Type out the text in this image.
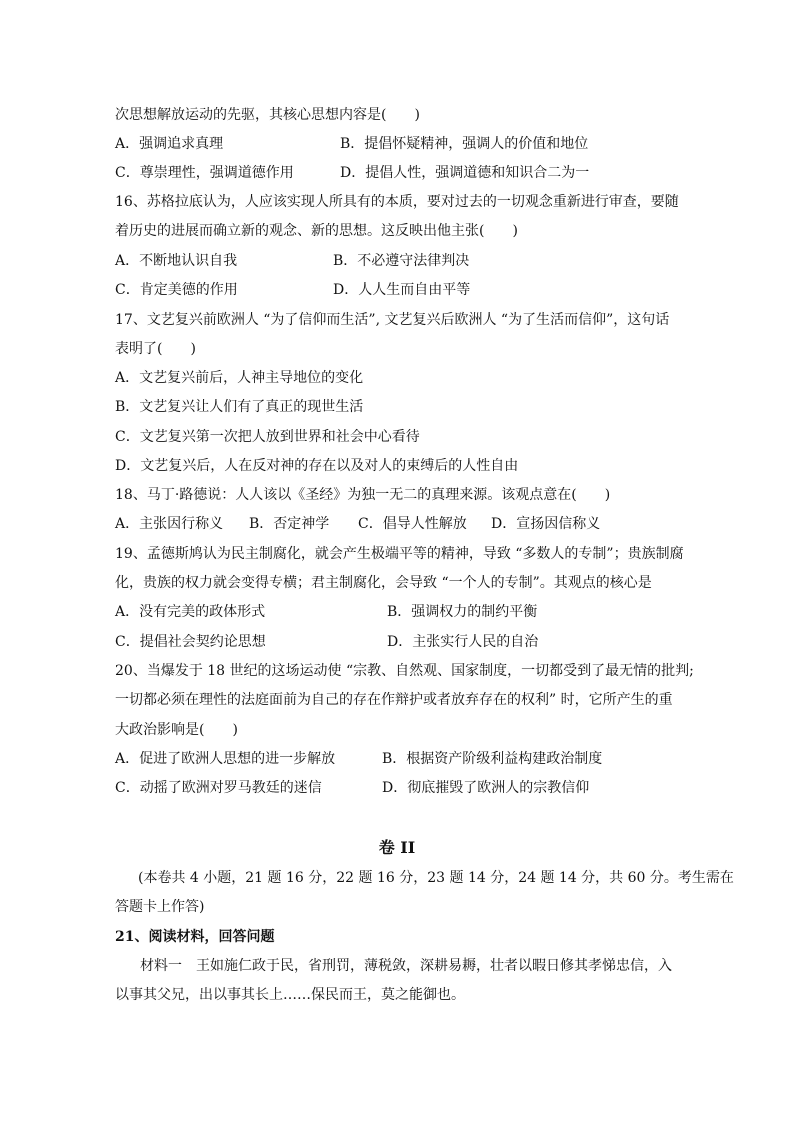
次思想解放运动的先驱，其核心思想内容是(　　)
A．强调追求真理	B．提倡怀疑精神，强调人的价值和地位
C．尊崇理性，强调道德作用	D．提倡人性，强调道德和知识合二为一
16、苏格拉底认为，人应该实现人所具有的本质，要对过去的一切观念重新进行审查，要随
着历史的进展而确立新的观念、新的思想。这反映出他主张(　　)
A．不断地认识自我	B．不必遵守法律判决
C．肯定美德的作用	D．人人生而自由平等
17、文艺复兴前欧洲人 “为了信仰而生活”, 文艺复兴后欧洲人 “为了生活而信仰”，这句话
表明了(　　)
A．文艺复兴前后，人神主导地位的变化
B．文艺复兴让人们有了真正的现世生活
C．文艺复兴第一次把人放到世界和社会中心看待
D．文艺复兴后，人在反对神的存在以及对人的束缚后的人性自由
18、马丁·路德说：人人该以《圣经》为独一无二的真理来源。该观点意在(　　)
A．主张因行称义 B．否定神学 C．倡导人性解放 D．宣扬因信称义
19、孟德斯鸠认为民主制腐化，就会产生极端平等的精神，导致 “多数人的专制”；贵族制腐
化，贵族的权力就会变得专横；君主制腐化，会导致 “一个人的专制”。其观点的核心是
A．没有完美的政体形式	B．强调权力的制约平衡
C．提倡社会契约论思想	D．主张实行人民的自治
20、当爆发于 18 世纪的这场运动使 “宗教、自然观、国家制度，一切都受到了最无情的批判;
一切都必须在理性的法庭面前为自己的存在作辩护或者放弃存在的权利” 时，它所产生的重
大政治影响是(　　)
A．促进了欧洲人思想的进一步解放	B．根据资产阶级利益构建政治制度
C．动摇了欧洲对罗马教廷的迷信	D．彻底摧毁了欧洲人的宗教信仰
卷 II
(本卷共 4 小题，21 题 16 分，22 题 16 分，23 题 14 分，24 题 14 分，共 60 分。考生需在
答题卡上作答)
21、阅读材料，回答问题
材料一　王如施仁政于民，省刑罚，薄税敛，深耕易耨，壮者以暇日修其孝悌忠信，入
以事其父兄，出以事其长上……保民而王，莫之能御也。
